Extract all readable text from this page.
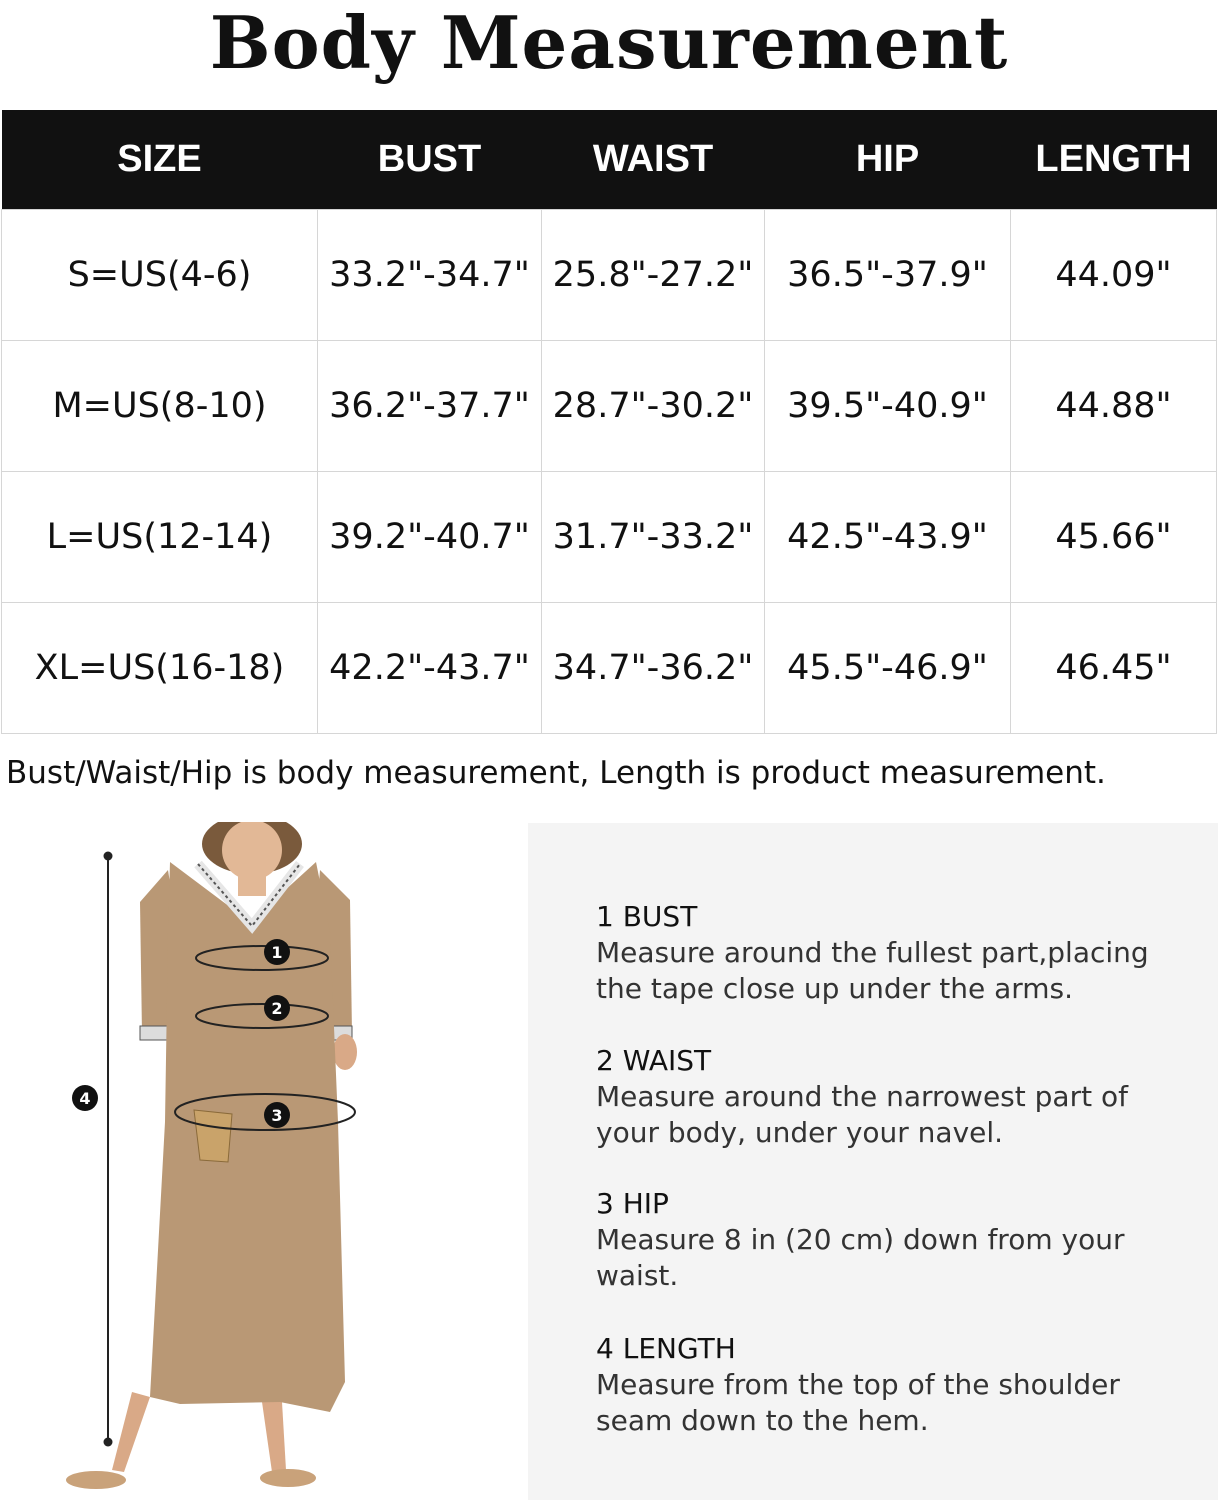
Body Measurement
SIZE	BUST	WAIST	HIP	LENGTH
S=US(4-6)	33.2"-34.7"	25.8"-27.2"	36.5"-37.9"	44.09"
M=US(8-10)	36.2"-37.7"	28.7"-30.2"	39.5"-40.9"	44.88"
L=US(12-14)	39.2"-40.7"	31.7"-33.2"	42.5"-43.9"	45.66"
XL=US(16-18)	42.2"-43.7"	34.7"-36.2"	45.5"-46.9"	46.45"
Bust/Waist/Hip is body measurement, Length is product measurement.
1
2
3
4
1 BUST
Measure around the fullest part,placing
the tape close up under the arms.
2 WAIST
Measure around the narrowest part of
your body, under your navel.
3 HIP
Measure 8 in (20 cm) down from your
waist.
4 LENGTH
Measure from the top of the shoulder
seam down to the hem.
